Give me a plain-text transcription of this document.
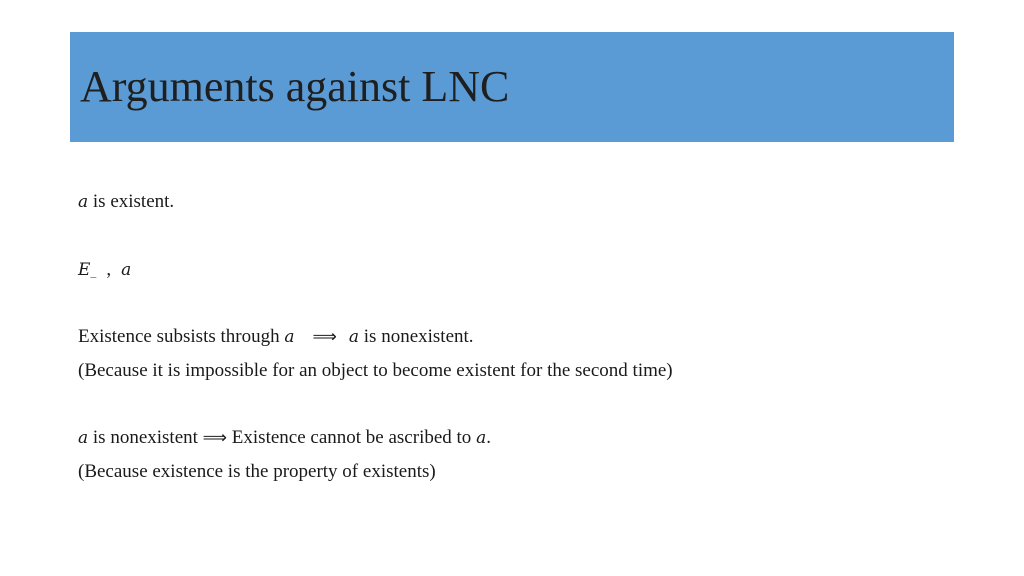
Arguments against LNC
a is existent.
E_ , a
Existence subsists through a ⟹ a is nonexistent.
(Because it is impossible for an object to become existent for the second time)
a is nonexistent ⟹ Existence cannot be ascribed to a.
(Because existence is the property of existents)
